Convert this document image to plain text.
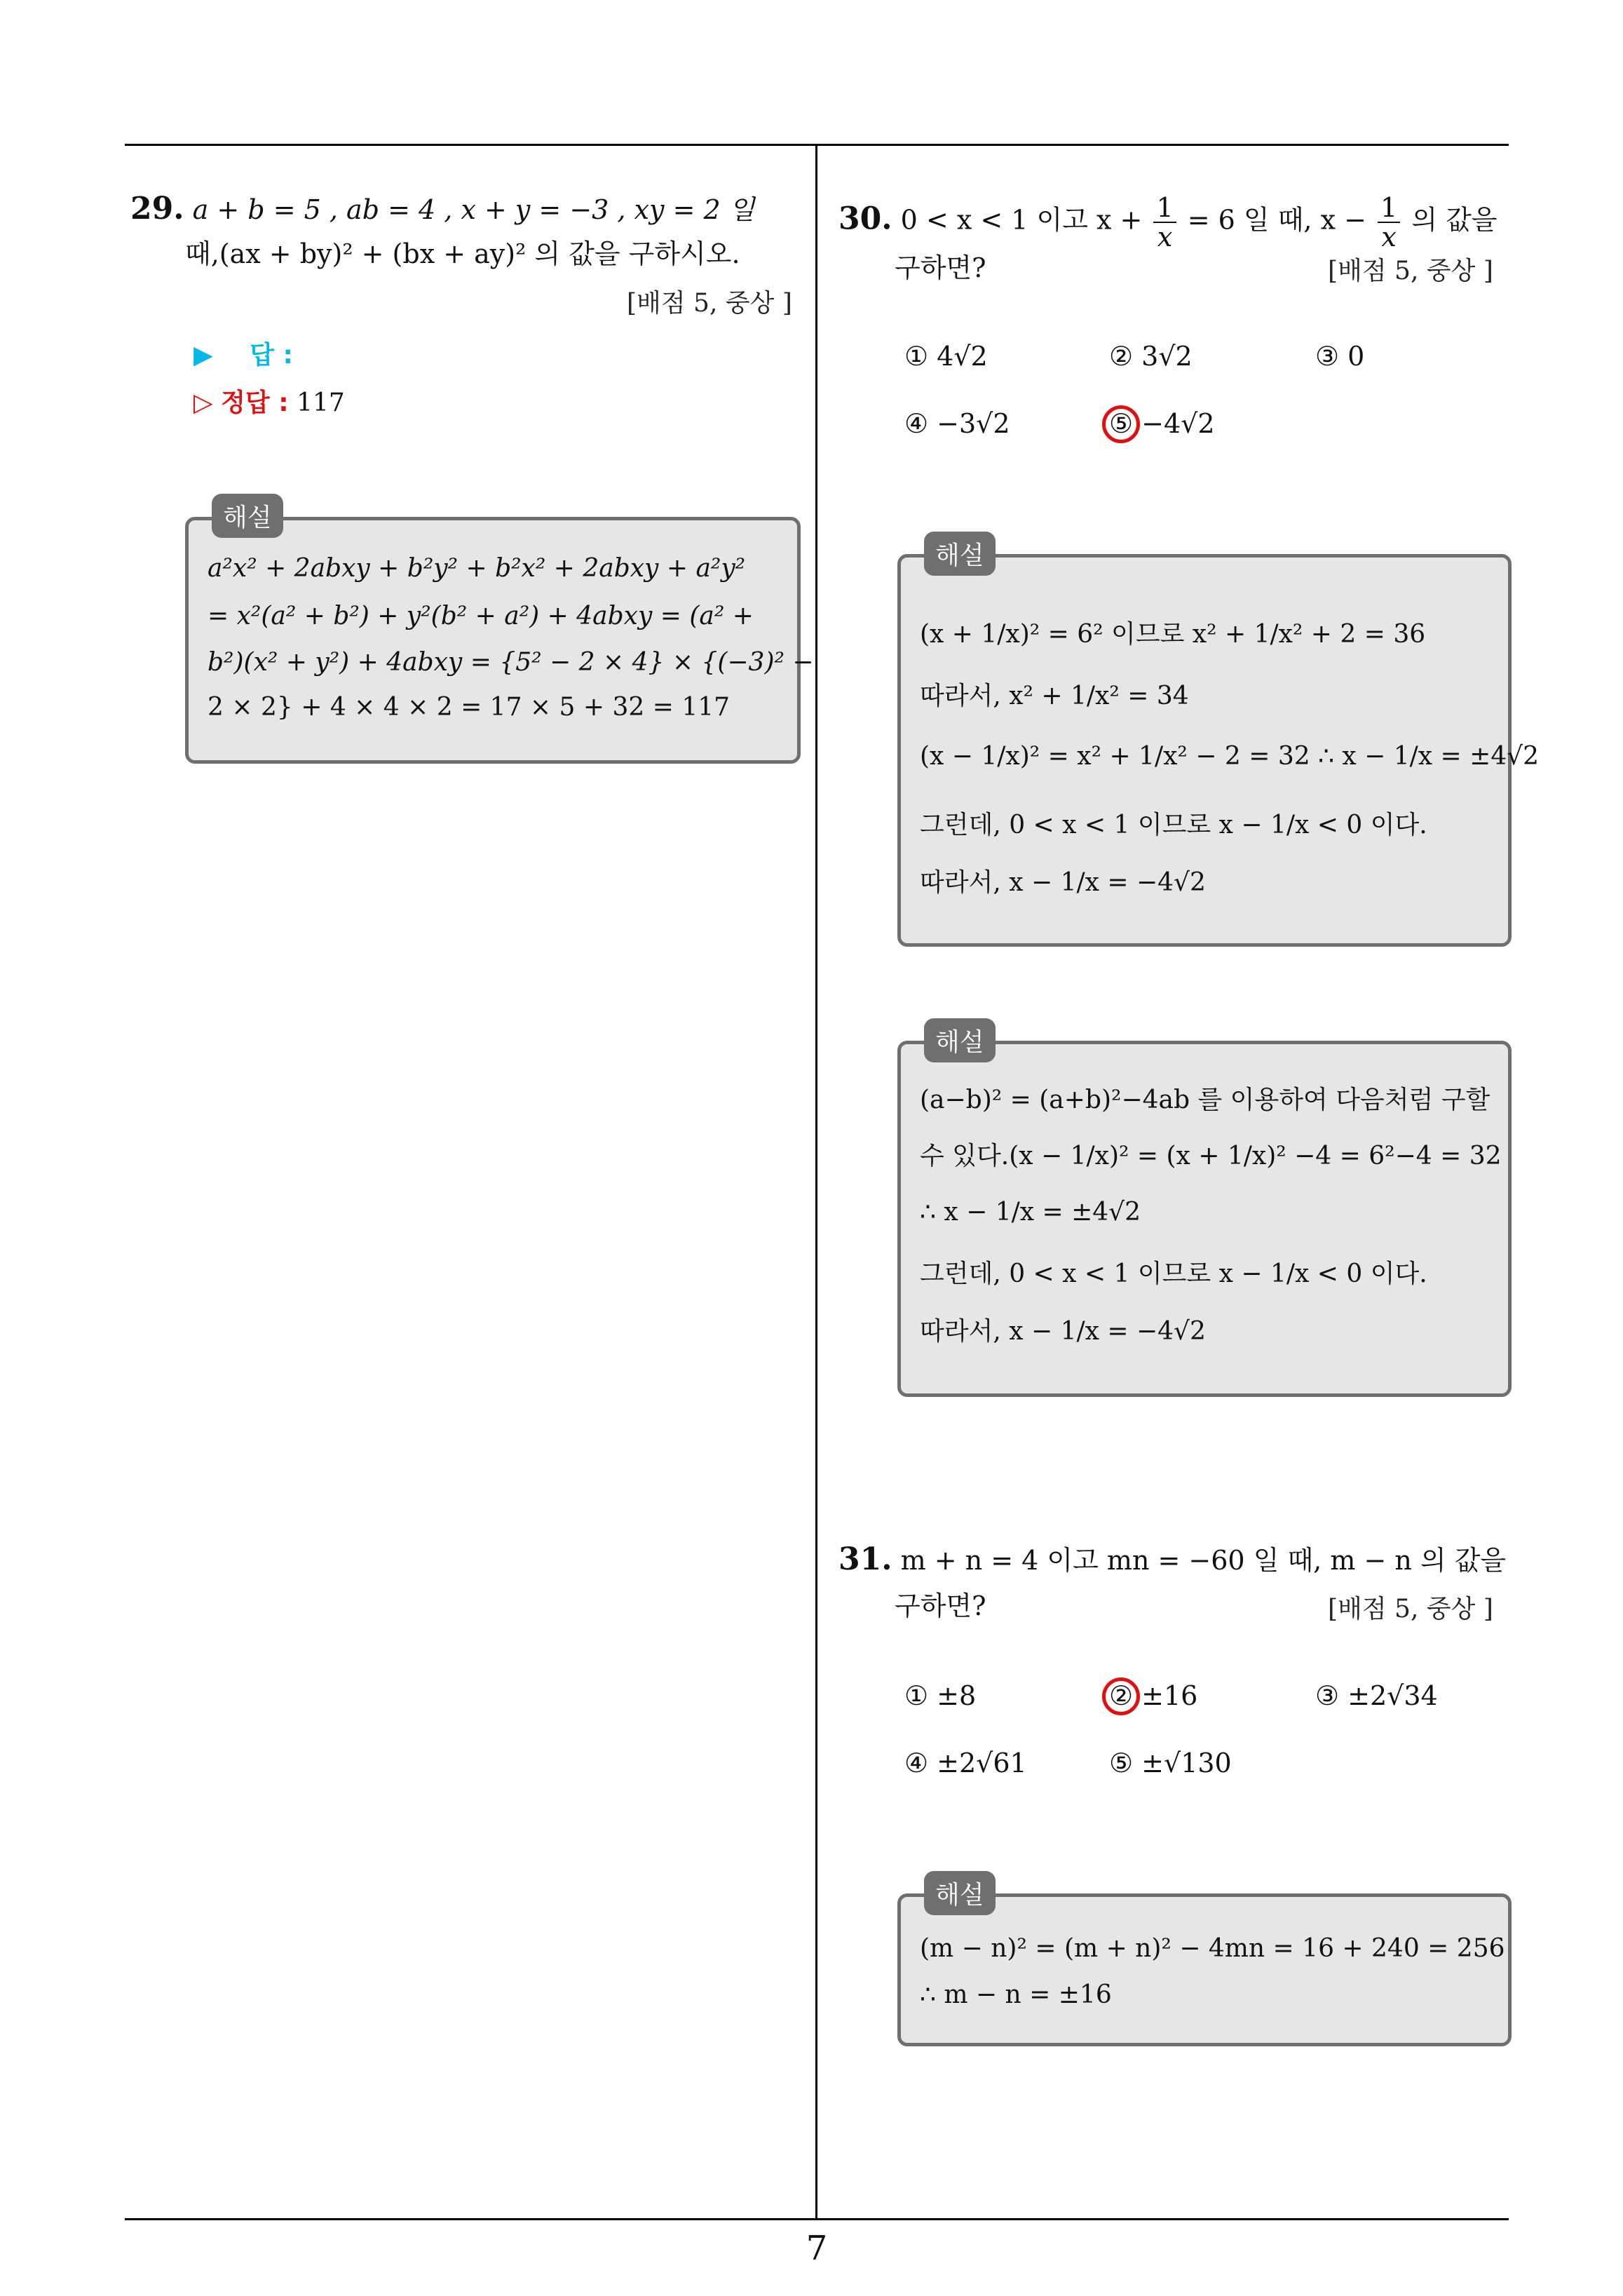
7
29. a + b = 5 , ab = 4 , x + y = −3 , xy = 2 일
때,(ax + by)² + (bx + ay)² 의 값을 구하시오.
[배점 5, 중상 ]
▶ 답 :
▷ 정답 : 117
해설
a²x² + 2abxy + b²y² + b²x² + 2abxy + a²y²
= x²(a² + b²) + y²(b² + a²) + 4abxy = (a² +
b²)(x² + y²) + 4abxy = {5² − 2 × 4} × {(−3)² −
2 × 2} + 4 × 4 × 2 = 17 × 5 + 32 = 117
30. 0 < x < 1 이고 $x + \frac{1}{x} = 6$ 일 때, $x - \frac{1}{x}$ 의 값을
구하면?	[배점 5, 중상 ]
① 4√2	② 3√2	③ 0
④ −3√2	⑤ −4√2
해설
(x + 1/x)² = 6² 이므로 x² + 1/x² + 2 = 36
따라서, x² + 1/x² = 34
(x − 1/x)² = x² + 1/x² − 2 = 32 ∴ x − 1/x = ±4√2
그런데, 0 < x < 1 이므로 x − 1/x < 0 이다.
따라서, x − 1/x = −4√2
해설
(a−b)² = (a+b)²−4ab 를 이용하여 다음처럼 구할
수 있다.(x − 1/x)² = (x + 1/x)² −4 = 6²−4 = 32
∴ x − 1/x = ±4√2
그런데, 0 < x < 1 이므로 x − 1/x < 0 이다.
따라서, x − 1/x = −4√2
31. m + n = 4 이고 mn = −60 일 때, m − n 의 값을
구하면?	[배점 5, 중상 ]
① ±8	② ±16	③ ±2√34
④ ±2√61	⑤ ±√130
해설
(m − n)² = (m + n)² − 4mn = 16 + 240 = 256
∴ m − n = ±16
